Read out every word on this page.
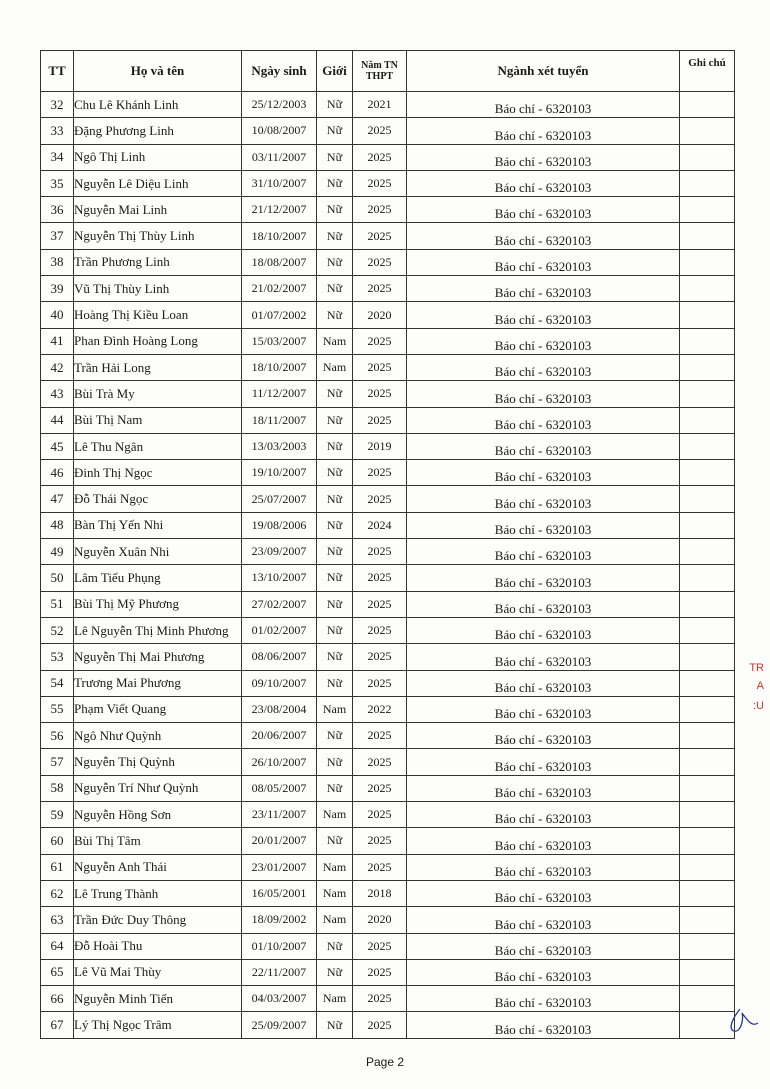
TT	Họ và tên	Ngày sinh	Giới	Năm TN THPT	Ngành xét tuyển	Ghi chú
32	Chu Lê Khánh Linh	25/12/2003	Nữ	2021	Báo chí - 6320103	
33	Đặng Phương Linh	10/08/2007	Nữ	2025	Báo chí - 6320103	
34	Ngô Thị Linh	03/11/2007	Nữ	2025	Báo chí - 6320103	
35	Nguyễn Lê Diệu Linh	31/10/2007	Nữ	2025	Báo chí - 6320103	
36	Nguyễn Mai Linh	21/12/2007	Nữ	2025	Báo chí - 6320103	
37	Nguyễn Thị Thùy Linh	18/10/2007	Nữ	2025	Báo chí - 6320103	
38	Trần Phương Linh	18/08/2007	Nữ	2025	Báo chí - 6320103	
39	Vũ Thị Thùy Linh	21/02/2007	Nữ	2025	Báo chí - 6320103	
40	Hoàng Thị Kiều Loan	01/07/2002	Nữ	2020	Báo chí - 6320103	
41	Phan Đình Hoàng Long	15/03/2007	Nam	2025	Báo chí - 6320103	
42	Trần Hải Long	18/10/2007	Nam	2025	Báo chí - 6320103	
43	Bùi Trà My	11/12/2007	Nữ	2025	Báo chí - 6320103	
44	Bùi Thị Nam	18/11/2007	Nữ	2025	Báo chí - 6320103	
45	Lê Thu Ngân	13/03/2003	Nữ	2019	Báo chí - 6320103	
46	Đinh Thị Ngọc	19/10/2007	Nữ	2025	Báo chí - 6320103	
47	Đỗ Thái Ngọc	25/07/2007	Nữ	2025	Báo chí - 6320103	
48	Bàn Thị Yến Nhi	19/08/2006	Nữ	2024	Báo chí - 6320103	
49	Nguyễn Xuân Nhi	23/09/2007	Nữ	2025	Báo chí - 6320103	
50	Lâm Tiểu Phụng	13/10/2007	Nữ	2025	Báo chí - 6320103	
51	Bùi Thị Mỹ Phương	27/02/2007	Nữ	2025	Báo chí - 6320103	
52	Lê Nguyễn Thị Minh Phương	01/02/2007	Nữ	2025	Báo chí - 6320103	
53	Nguyễn Thị Mai Phương	08/06/2007	Nữ	2025	Báo chí - 6320103	
54	Trương Mai Phương	09/10/2007	Nữ	2025	Báo chí - 6320103	
55	Phạm Viết Quang	23/08/2004	Nam	2022	Báo chí - 6320103	
56	Ngô Như Quỳnh	20/06/2007	Nữ	2025	Báo chí - 6320103	
57	Nguyễn Thị Quỳnh	26/10/2007	Nữ	2025	Báo chí - 6320103	
58	Nguyễn Trí Như Quỳnh	08/05/2007	Nữ	2025	Báo chí - 6320103	
59	Nguyễn Hồng Sơn	23/11/2007	Nam	2025	Báo chí - 6320103	
60	Bùi Thị Tâm	20/01/2007	Nữ	2025	Báo chí - 6320103	
61	Nguyễn Anh Thái	23/01/2007	Nam	2025	Báo chí - 6320103	
62	Lê Trung Thành	16/05/2001	Nam	2018	Báo chí - 6320103	
63	Trần Đức Duy Thông	18/09/2002	Nam	2020	Báo chí - 6320103	
64	Đỗ Hoài Thu	01/10/2007	Nữ	2025	Báo chí - 6320103	
65	Lê Vũ Mai Thùy	22/11/2007	Nữ	2025	Báo chí - 6320103	
66	Nguyễn Minh Tiến	04/03/2007	Nam	2025	Báo chí - 6320103	
67	Lý Thị Ngọc Trâm	25/09/2007	Nữ	2025	Báo chí - 6320103	
TR
A
:U
Page 2
